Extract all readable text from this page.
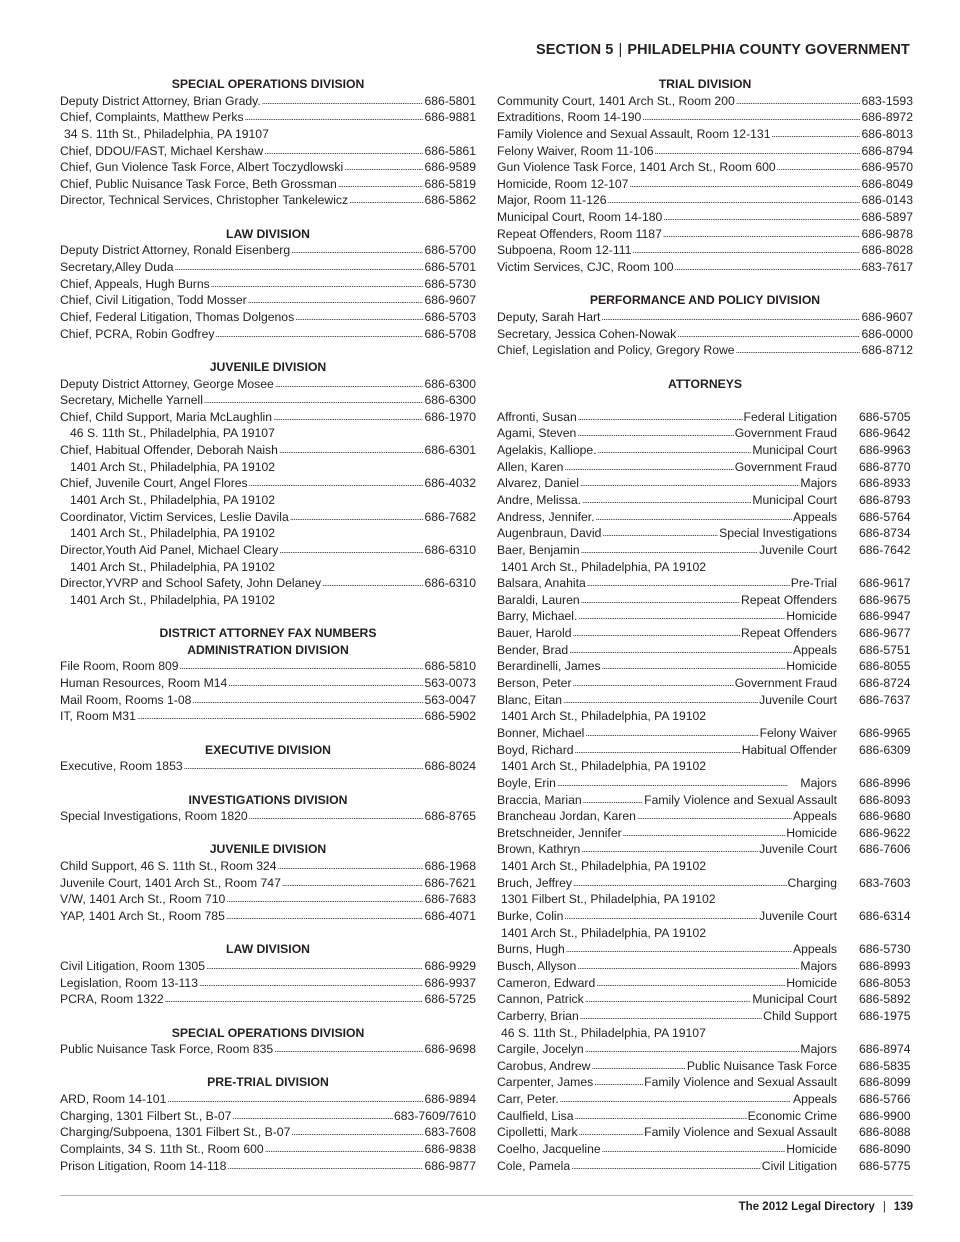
SECTION 5 | PHILADELPHIA COUNTY GOVERNMENT
SPECIAL OPERATIONS DIVISION
Deputy District Attorney, Brian Grady. . . .	686-5801
Chief, Complaints, Matthew Perks . . .	686-9881
34 S. 11th St., Philadelphia, PA 19107
Chief, DDOU/FAST, Michael Kershaw . . .	686-5861
Chief, Gun Violence Task Force, Albert Toczydlowski . . .	686-9589
Chief, Public Nuisance Task Force, Beth Grossman . . .	686-5819
Director, Technical Services, Christopher Tankelewicz . . .	686-5862
LAW DIVISION
Deputy District Attorney, Ronald Eisenberg . . .	686-5700
Secretary,Alley Duda . . .	686-5701
Chief, Appeals, Hugh Burns . . .	686-5730
Chief, Civil Litigation, Todd Mosser . . .	686-9607
Chief, Federal Litigation, Thomas Dolgenos . . .	686-5703
Chief, PCRA, Robin Godfrey . . .	686-5708
JUVENILE DIVISION
Deputy District Attorney, George Mosee . . .	686-6300
Secretary, Michelle Yarnell . . .	686-6300
Chief, Child Support, Maria McLaughlin . . .	686-1970
46 S. 11th St., Philadelphia, PA 19107
Chief, Habitual Offender, Deborah Naish . . .	686-6301
1401 Arch St., Philadelphia, PA 19102
Chief, Juvenile Court, Angel Flores . . .	686-4032
1401 Arch St., Philadelphia, PA 19102
Coordinator, Victim Services, Leslie Davila . . .	686-7682
1401 Arch St., Philadelphia, PA 19102
Director,Youth Aid Panel, Michael Cleary . . .	686-6310
1401 Arch St., Philadelphia, PA 19102
Director,YVRP and School Safety, John Delaney . . .	686-6310
1401 Arch St., Philadelphia, PA 19102
DISTRICT ATTORNEY FAX NUMBERS
ADMINISTRATION DIVISION
File Room, Room 809 . . .	686-5810
Human Resources, Room M14 . . .	563-0073
Mail Room, Rooms 1-08 . . .	563-0047
IT, Room M31 . . .	686-5902
EXECUTIVE DIVISION
Executive, Room 1853 . . .	686-8024
INVESTIGATIONS DIVISION
Special Investigations, Room 1820 . . .	686-8765
JUVENILE DIVISION
Child Support, 46 S. 11th St., Room 324 . . .	686-1968
Juvenile Court, 1401 Arch St., Room 747 . . .	686-7621
V/W, 1401 Arch St., Room 710 . . .	686-7683
YAP, 1401 Arch St., Room 785 . . .	686-4071
LAW DIVISION
Civil Litigation, Room 1305 . . .	686-9929
Legislation, Room 13-113 . . .	686-9937
PCRA, Room 1322 . . .	686-5725
SPECIAL OPERATIONS DIVISION
Public Nuisance Task Force, Room 835 . . .	686-9698
PRE-TRIAL DIVISION
ARD, Room 14-101 . . .	686-9894
Charging, 1301 Filbert St., B-07 . . .	683-7609/7610
Charging/Subpoena, 1301 Filbert St., B-07 . . .	683-7608
Complaints, 34 S. 11th St., Room 600 . . .	686-9838
Prison Litigation, Room 14-118 . . .	686-9877
TRIAL DIVISION
Community Court, 1401 Arch St., Room 200 . . .	683-1593
Extraditions, Room 14-190 . . .	686-8972
Family Violence and Sexual Assault, Room 12-131 . . .	686-8013
Felony Waiver, Room 11-106 . . .	686-8794
Gun Violence Task Force, 1401 Arch St., Room 600 . . .	686-9570
Homicide, Room 12-107 . . .	686-8049
Major, Room 11-126 . . .	686-0143
Municipal Court, Room 14-180 . . .	686-5897
Repeat Offenders, Room 1187 . . .	686-9878
Subpoena, Room 12-111 . . .	686-8028
Victim Services, CJC, Room 100 . . .	683-7617
PERFORMANCE AND POLICY DIVISION
Deputy, Sarah Hart . . .	686-9607
Secretary, Jessica Cohen-Nowak . . .	686-0000
Chief, Legislation and Policy, Gregory Rowe . . .	686-8712
ATTORNEYS
Affronti, Susan . . .	Federal Litigation 686-5705
Agami, Steven . . .	Government Fraud 686-9642
Agelakis, Kalliope. . . .	Municipal Court 686-9963
Allen, Karen . . .	Government Fraud 686-8770
Alvarez, Daniel . . .	Majors 686-8933
Andre, Melissa. . . .	Municipal Court 686-8793
Andress, Jennifer. . . .	Appeals 686-5764
Augenbraun, David . . .	Special Investigations 686-8734
Baer, Benjamin . . .	Juvenile Court 686-7642
1401 Arch St., Philadelphia, PA 19102
Balsara, Anahita . . .	Pre-Trial 686-9617
Baraldi, Lauren . . .	Repeat Offenders 686-9675
Barry, Michael. . . .	Homicide 686-9947
Bauer, Harold . . .	Repeat Offenders 686-9677
Bender, Brad . . .	Appeals 686-5751
Berardinelli, James . . .	Homicide 686-8055
Berson, Peter . . .	Government Fraud 686-8724
Blanc, Eitan . . .	Juvenile Court 686-7637
1401 Arch St., Philadelphia, PA 19102
Bonner, Michael . . .	Felony Waiver 686-9965
Boyd, Richard . . .	Habitual Offender 686-6309
1401 Arch St., Philadelphia, PA 19102
Boyle, Erin . . .	Majors 686-8996
Braccia, Marian . . .	Family Violence and Sexual Assault 686-8093
Brancheau Jordan, Karen . . .	Appeals 686-9680
Bretschneider, Jennifer . . .	Homicide 686-9622
Brown, Kathryn . . .	Juvenile Court 686-7606
1401 Arch St., Philadelphia, PA 19102
Bruch, Jeffrey . . .	Charging 683-7603
1301 Filbert St., Philadelphia, PA 19102
Burke, Colin . . .	Juvenile Court 686-6314
1401 Arch St., Philadelphia, PA 19102
Burns, Hugh . . .	Appeals 686-5730
Busch, Allyson . . .	Majors 686-8993
Cameron, Edward . . .	Homicide 686-8053
Cannon, Patrick . . .	Municipal Court 686-5892
Carberry, Brian . . .	Child Support 686-1975
46 S. 11th St., Philadelphia, PA 19107
Cargile, Jocelyn . . .	Majors 686-8974
Carobus, Andrew . . .	Public Nuisance Task Force 686-5835
Carpenter, James . . .	Family Violence and Sexual Assault 686-8099
Carr, Peter. . . .	Appeals 686-5766
Caulfield, Lisa . . .	Economic Crime 686-9900
Cipolletti, Mark . . .	Family Violence and Sexual Assault 686-8088
Coelho, Jacqueline . . .	Homicide 686-8090
Cole, Pamela . . .	Civil Litigation 686-5775
The 2012 Legal Directory | 139
